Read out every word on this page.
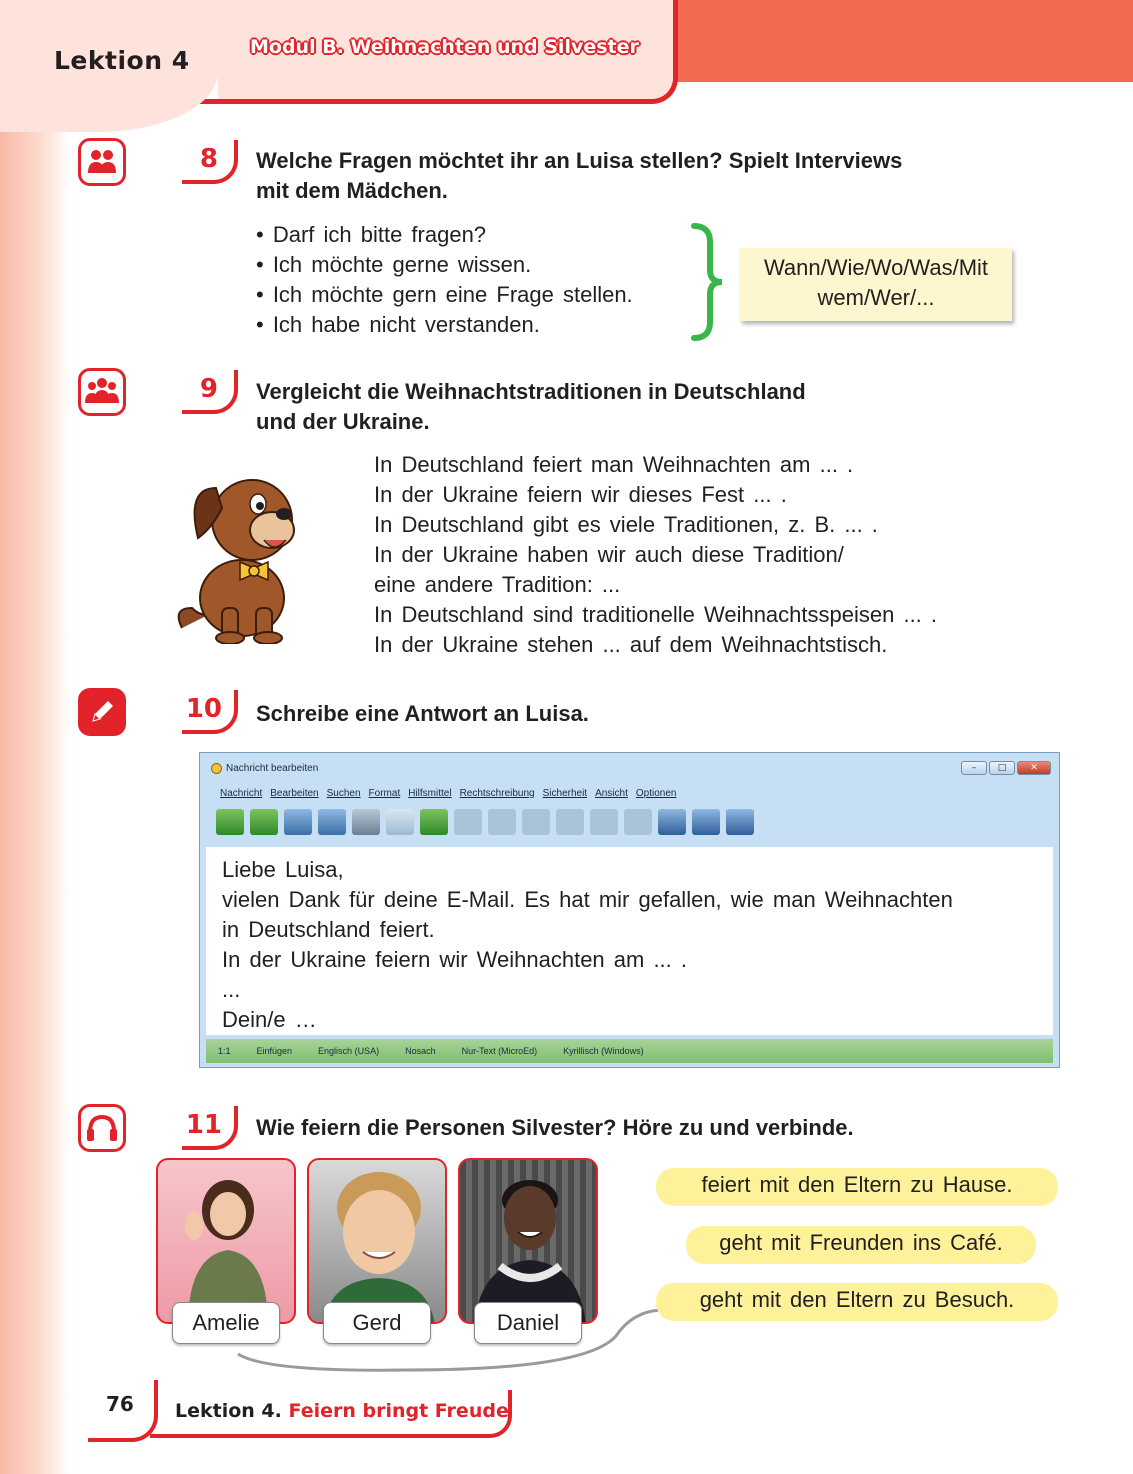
Lektion 4	Modul B. Weihnachten und Silvester
8 Welche Fragen möchtet ihr an Luisa stellen? Spielt Interviews
mit dem Mädchen.
• Darf ich bitte fragen?
• Ich möchte gerne wissen.
• Ich möchte gern eine Frage stellen.
• Ich habe nicht verstanden.
Wann/Wie/Wo/Was/Mit
wem/Wer/...
9 Vergleicht die Weihnachtstraditionen in Deutschland
und der Ukraine.
In Deutschland feiert man Weihnachten am ... .
In der Ukraine feiern wir dieses Fest ... .
In Deutschland gibt es viele Traditionen, z. B. ... .
In der Ukraine haben wir auch diese Tradition/
eine andere Tradition: ...
In Deutschland sind traditionelle Weihnachtsspeisen ... .
In der Ukraine stehen ... auf dem Weihnachtstisch.
10 Schreibe eine Antwort an Luisa.
Nachricht bearbeiten	–	□	✕
Nachricht Bearbeiten Suchen Format Hilfsmittel Rechtschreibung Sicherheit Ansicht Optionen
Liebe Luisa,
vielen Dank für deine E-Mail. Es hat mir gefallen, wie man Weihnachten
in Deutschland feiert.
In der Ukraine feiern wir Weihnachten am ... .
...
Dein/e …
1:1	Einfügen	Englisch (USA)	Nosach	Nur-Text (MicroEd)	Kyrillisch (Windows)
11 Wie feiern die Personen Silvester? Höre zu und verbinde.
Amelie	Gerd	Daniel
feiert mit den Eltern zu Hause.
geht mit Freunden ins Café.
geht mit den Eltern zu Besuch.
76 Lektion 4. Feiern bringt Freude
